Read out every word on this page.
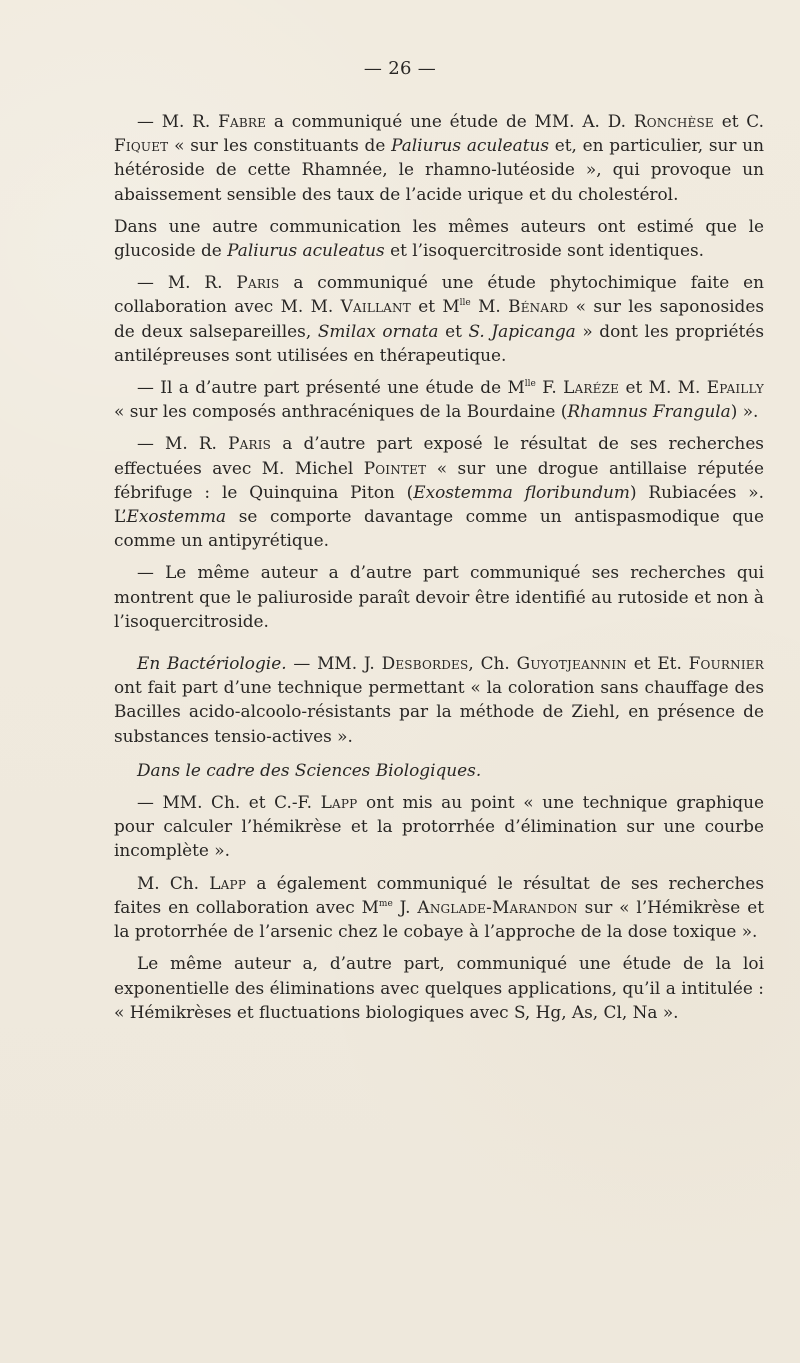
— 26 —

— M. R. Fabre a communiqué une étude de MM. A. D. Ronchèse et C. Fiquet « sur les constituants de Paliurus aculeatus et, en particulier, sur un hétéroside de cette Rhamnée, le rhamno-lutéoside », qui provoque un abaissement sensible des taux de l’acide urique et du cholestérol.

Dans une autre communication les mêmes auteurs ont estimé que le glucoside de Paliurus aculeatus et l’isoquercitroside sont identiques.

— M. R. Paris a communiqué une étude phytochimique faite en collaboration avec M. M. Vaillant et $M^{lle}$ M. Bénard « sur les saponosides de deux salsepareilles, Smilax ornata et S. Japicanga » dont les propriétés antilépreuses sont utilisées en thérapeutique.

— Il a d’autre part présenté une étude de $M^{lle}$ F. Laréze et M. M. Epailly « sur les composés anthracéniques de la Bourdaine (Rhamnus Frangula) ».

— M. R. Paris a d’autre part exposé le résultat de ses recherches effectuées avec M. Michel Pointet « sur une drogue antillaise réputée fébrifuge : le Quinquina Piton (Exostemma floribundum) Rubiacées ». L’Exostemma se comporte davantage comme un antispasmodique que comme un antipyrétique.

— Le même auteur a d’autre part communiqué ses recherches qui montrent que le paliuroside paraît devoir être identifié au rutoside et non à l’isoquercitroside.

En Bactériologie. — MM. J. Desbordes, Ch. Guyotjeannin et Et. Fournier ont fait part d’une technique permettant « la coloration sans chauffage des Bacilles acido-alcoolo-résistants par la méthode de Ziehl, en présence de substances tensio-actives ».

Dans le cadre des Sciences Biologiques.

— MM. Ch. et C.-F. Lapp ont mis au point « une technique graphique pour calculer l’hémikrèse et la protorrhée d’élimination sur une courbe incomplète ».

M. Ch. Lapp a également communiqué le résultat de ses recherches faites en collaboration avec $M^{me}$ J. Anglade-Marandon sur « l’Hémikrèse et la protorrhée de l’arsenic chez le cobaye à l’approche de la dose toxique ».

Le même auteur a, d’autre part, communiqué une étude de la loi exponentielle des éliminations avec quelques applications, qu’il a intitulée : « Hémikrèses et fluctuations biologiques avec S, Hg, As, Cl, Na ».
